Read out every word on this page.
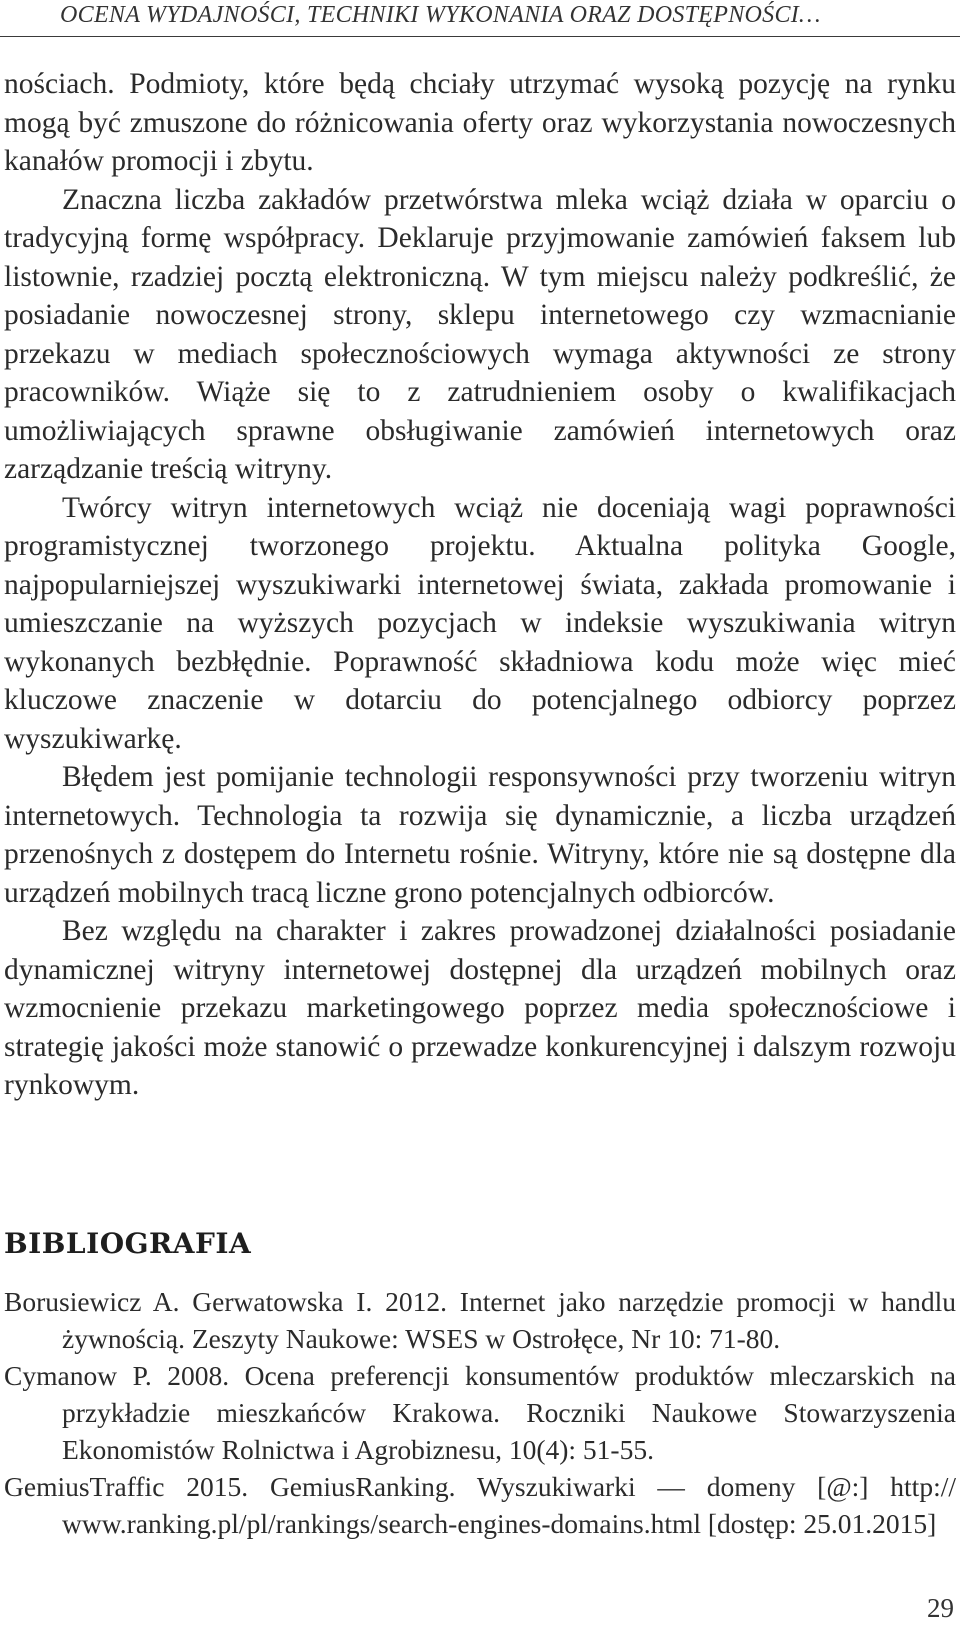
OCENA WYDAJNOŚCI, TECHNIKI WYKONANIA ORAZ DOSTĘPNOŚCI…

nościach. Podmioty, które będą chciały utrzymać wysoką pozycję na rynku mogą być zmuszone do różnicowania oferty oraz wykorzystania nowoczesnych kanałów promocji i zbytu.

Znaczna liczba zakładów przetwórstwa mleka wciąż działa w oparciu o tradycyjną formę współpracy. Deklaruje przyjmowanie zamówień faksem lub listownie, rzadziej pocztą elektroniczną. W tym miejscu należy podkreślić, że posiadanie nowoczesnej strony, sklepu internetowego czy wzmacnianie przekazu w mediach społecznościowych wymaga aktywności ze strony pracowników. Wiąże się to z zatrudnieniem osoby o kwalifikacjach umożliwiających sprawne obsługiwanie zamówień internetowych oraz zarządzanie treścią witryny.

Twórcy witryn internetowych wciąż nie doceniają wagi poprawności programistycznej tworzonego projektu. Aktualna polityka Google, najpopularniejszej wyszukiwarki internetowej świata, zakłada promowanie i umieszczanie na wyższych pozycjach w indeksie wyszukiwania witryn wykonanych bezbłędnie. Poprawność składniowa kodu może więc mieć kluczowe znaczenie w dotarciu do potencjalnego odbiorcy poprzez wyszukiwarkę.

Błędem jest pomijanie technologii responsywności przy tworzeniu witryn internetowych. Technologia ta rozwija się dynamicznie, a liczba urządzeń przenośnych z dostępem do Internetu rośnie. Witryny, które nie są dostępne dla urządzeń mobilnych tracą liczne grono potencjalnych odbiorców.

Bez względu na charakter i zakres prowadzonej działalności posiadanie dynamicznej witryny internetowej dostępnej dla urządzeń mobilnych oraz wzmocnienie przekazu marketingowego poprzez media społecznościowe i strategię jakości może stanowić o przewadze konkurencyjnej i dalszym rozwoju rynkowym.

BIBLIOGRAFIA
Borusiewicz A. Gerwatowska I. 2012. Internet jako narzędzie promocji w handlu żywnością. Zeszyty Naukowe: WSES w Ostrołęce, Nr 10: 71-80.
Cymanow P. 2008. Ocena preferencji konsumentów produktów mleczarskich na przykładzie mieszkańców Krakowa. Roczniki Naukowe Stowarzyszenia Ekonomistów Rolnictwa i Agrobiznesu, 10(4): 51-55.
GemiusTraffic 2015. GemiusRanking. Wyszukiwarki — domeny [@:] http://​www.ranking.pl/pl/rankings/search-engines-domains.html [dostęp: 25.01.2015]
29
